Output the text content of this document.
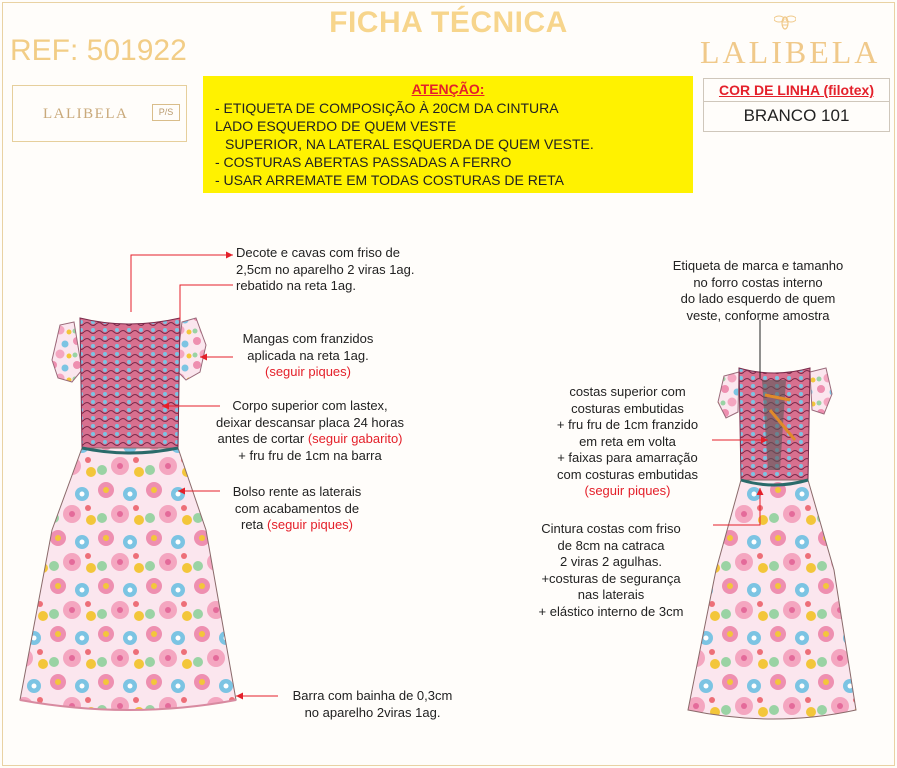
FICHA TÉCNICA
REF: 501922	LALIBELA
LALIBELA	P/S
ATENÇÃO:
- ETIQUETA DE COMPOSIÇÃO À 20CM DA CINTURA
LADO ESQUERDO DE QUEM VESTE
SUPERIOR, NA LATERAL ESQUERDA DE QUEM VESTE.
- COSTURAS ABERTAS PASSADAS A FERRO
- USAR ARREMATE EM TODAS COSTURAS DE RETA
COR DE LINHA (filotex)
BRANCO 101
Decote e cavas com friso de
2,5cm no aparelho 2 viras 1ag.
rebatido na reta 1ag.
Mangas com franzidos
aplicada na reta 1ag.
(seguir piques)
Corpo superior com lastex,
deixar descansar placa 24 horas
antes de cortar (seguir gabarito)
+ fru fru de 1cm na barra
Bolso rente as laterais
com acabamentos de
reta (seguir piques)
Barra com bainha de 0,3cm
no aparelho 2viras 1ag.
Etiqueta de marca e tamanho
no forro costas interno
do lado esquerdo de quem
veste, conforme amostra
costas superior com
costuras embutidas
+ fru fru de 1cm franzido
em reta em volta
+ faixas para amarração
com costuras embutidas
(seguir piques)
Cintura costas com friso
de 8cm na catraca
2 viras 2 agulhas.
+costuras de segurança
nas laterais
+ elástico interno de 3cm
